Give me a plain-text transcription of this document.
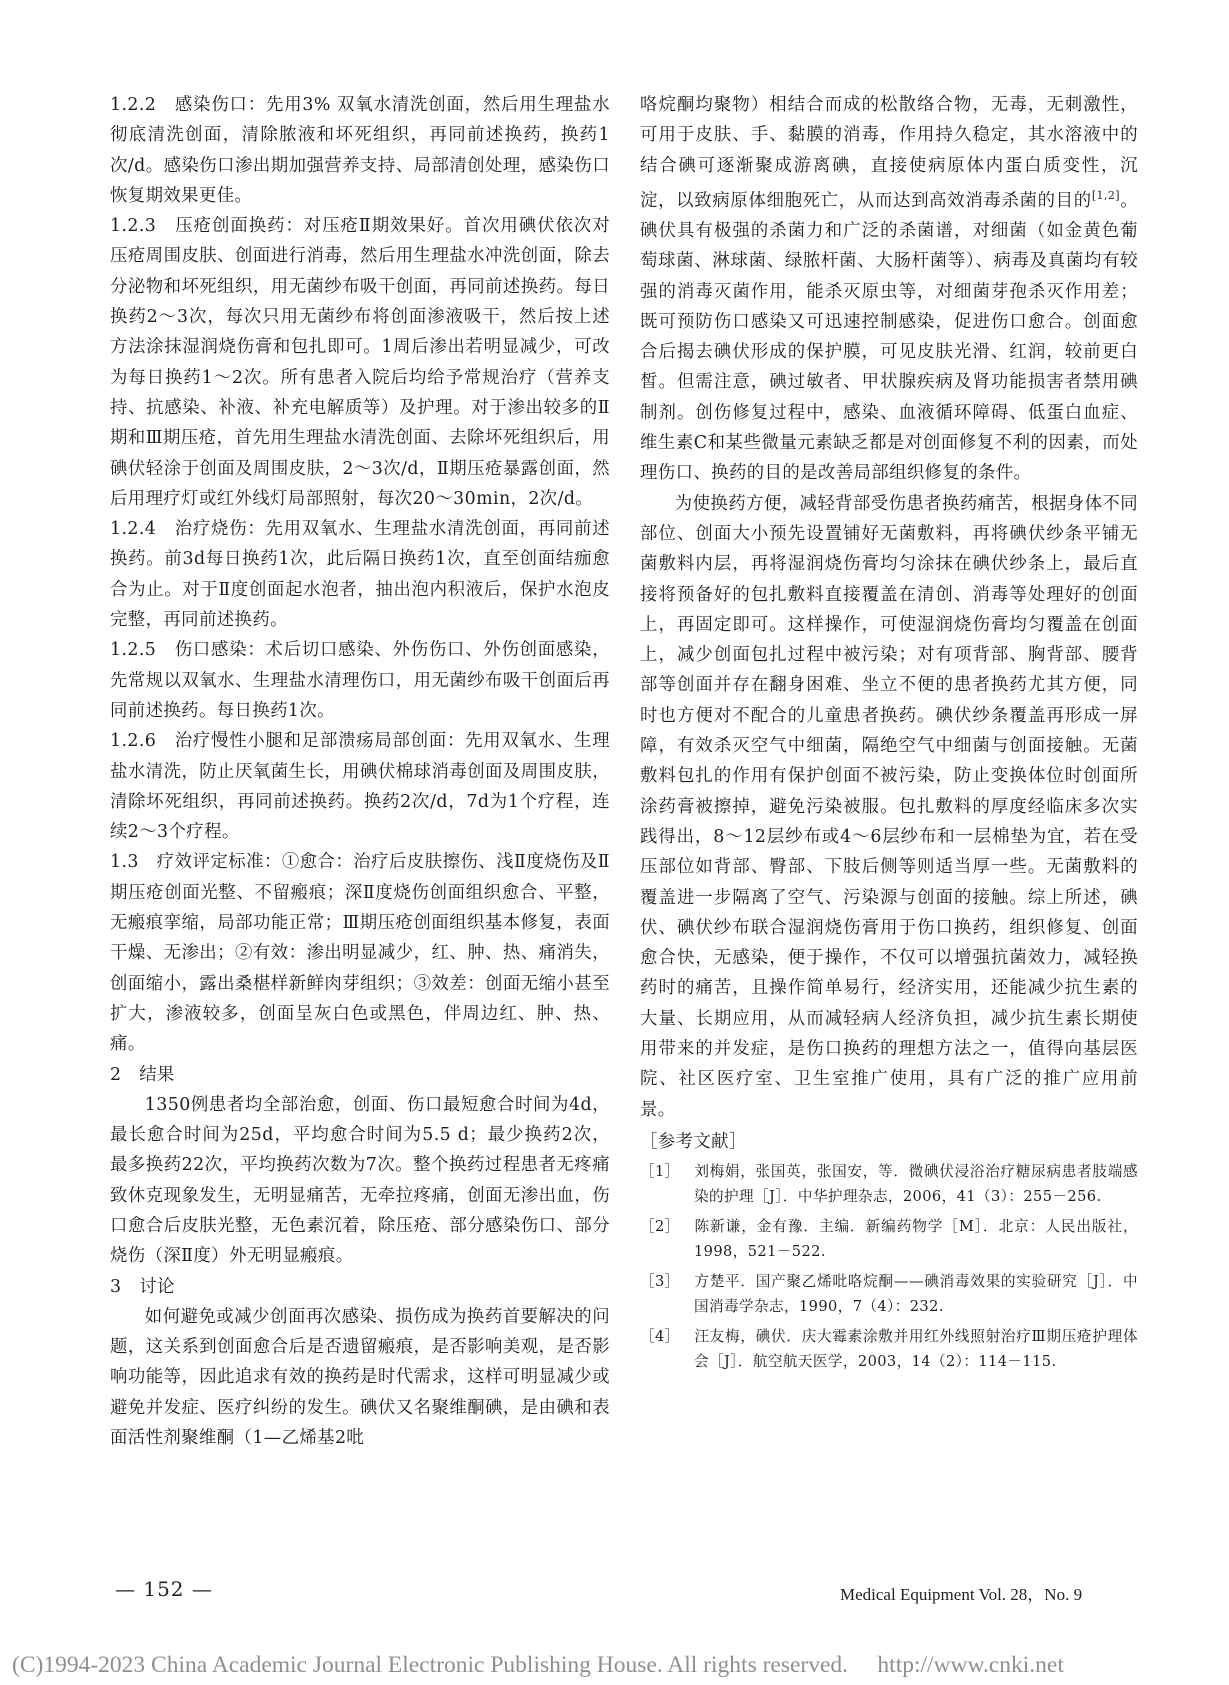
1.2.2　感染伤口：先用3% 双氧水清洗创面，然后用生理盐水彻底清洗创面，清除脓液和坏死组织，再同前述换药，换药1次/d。感染伤口渗出期加强营养支持、局部清创处理，感染伤口恢复期效果更佳。

1.2.3　压疮创面换药：对压疮Ⅱ期效果好。首次用碘伏依次对压疮周围皮肤、创面进行消毒，然后用生理盐水冲洗创面，除去分泌物和坏死组织，用无菌纱布吸干创面，再同前述换药。每日换药2～3次，每次只用无菌纱布将创面渗液吸干，然后按上述方法涂抹湿润烧伤膏和包扎即可。1周后渗出若明显减少，可改为每日换药1～2次。所有患者入院后均给予常规治疗（营养支持、抗感染、补液、补充电解质等）及护理。对于渗出较多的Ⅱ期和Ⅲ期压疮，首先用生理盐水清洗创面、去除坏死组织后，用碘伏轻涂于创面及周围皮肤，2～3次/d，Ⅱ期压疮暴露创面，然后用理疗灯或红外线灯局部照射，每次20～30min，2次/d。

1.2.4　治疗烧伤：先用双氧水、生理盐水清洗创面，再同前述换药。前3d每日换药1次，此后隔日换药1次，直至创面结痂愈合为止。对于Ⅱ度创面起水泡者，抽出泡内积液后，保护水泡皮完整，再同前述换药。

1.2.5　伤口感染：术后切口感染、外伤伤口、外伤创面感染，先常规以双氧水、生理盐水清理伤口，用无菌纱布吸干创面后再同前述换药。每日换药1次。

1.2.6　治疗慢性小腿和足部溃疡局部创面：先用双氧水、生理盐水清洗，防止厌氧菌生长，用碘伏棉球消毒创面及周围皮肤，清除坏死组织，再同前述换药。换药2次/d，7d为1个疗程，连续2～3个疗程。

1.3　疗效评定标准：①愈合：治疗后皮肤擦伤、浅Ⅱ度烧伤及Ⅱ期压疮创面光整、不留瘢痕；深Ⅱ度烧伤创面组织愈合、平整，无瘢痕挛缩，局部功能正常；Ⅲ期压疮创面组织基本修复，表面干燥、无渗出；②有效：渗出明显减少，红、肿、热、痛消失，创面缩小，露出桑椹样新鲜肉芽组织；③效差：创面无缩小甚至扩大，渗液较多，创面呈灰白色或黑色，伴周边红、肿、热、痛。

2　结果

1350例患者均全部治愈，创面、伤口最短愈合时间为4d，最长愈合时间为25d，平均愈合时间为5.5 d；最少换药2次，最多换药22次，平均换药次数为7次。整个换药过程患者无疼痛致休克现象发生，无明显痛苦，无牵拉疼痛，创面无渗出血，伤口愈合后皮肤光整，无色素沉着，除压疮、部分感染伤口、部分烧伤（深Ⅱ度）外无明显瘢痕。

3　讨论

如何避免或减少创面再次感染、损伤成为换药首要解决的问题，这关系到创面愈合后是否遗留瘢痕，是否影响美观，是否影响功能等，因此追求有效的换药是时代需求，这样可明显减少或避免并发症、医疗纠纷的发生。碘伏又名聚维酮碘，是由碘和表面活性剂聚维酮（1—乙烯基2吡

咯烷酮均聚物）相结合而成的松散络合物，无毒，无刺激性，可用于皮肤、手、黏膜的消毒，作用持久稳定，其水溶液中的结合碘可逐渐聚成游离碘，直接使病原体内蛋白质变性，沉淀，以致病原体细胞死亡，从而达到高效消毒杀菌的目的[1,2]。碘伏具有极强的杀菌力和广泛的杀菌谱，对细菌（如金黄色葡萄球菌、淋球菌、绿脓杆菌、大肠杆菌等）、病毒及真菌均有较强的消毒灭菌作用，能杀灭原虫等，对细菌芽孢杀灭作用差；既可预防伤口感染又可迅速控制感染，促进伤口愈合。创面愈合后揭去碘伏形成的保护膜，可见皮肤光滑、红润，较前更白皙。但需注意，碘过敏者、甲状腺疾病及肾功能损害者禁用碘制剂。创伤修复过程中，感染、血液循环障碍、低蛋白血症、维生素C和某些微量元素缺乏都是对创面修复不利的因素，而处理伤口、换药的目的是改善局部组织修复的条件。

为使换药方便，减轻背部受伤患者换药痛苦，根据身体不同部位、创面大小预先设置铺好无菌敷料，再将碘伏纱条平铺无菌敷料内层，再将湿润烧伤膏均匀涂抹在碘伏纱条上，最后直接将预备好的包扎敷料直接覆盖在清创、消毒等处理好的创面上，再固定即可。这样操作，可使湿润烧伤膏均匀覆盖在创面上，减少创面包扎过程中被污染；对有项背部、胸背部、腰背部等创面并存在翻身困难、坐立不便的患者换药尤其方便，同时也方便对不配合的儿童患者换药。碘伏纱条覆盖再形成一屏障，有效杀灭空气中细菌，隔绝空气中细菌与创面接触。无菌敷料包扎的作用有保护创面不被污染，防止变换体位时创面所涂药膏被擦掉，避免污染被服。包扎敷料的厚度经临床多次实践得出，8～12层纱布或4～6层纱布和一层棉垫为宜，若在受压部位如背部、臀部、下肢后侧等则适当厚一些。无菌敷料的覆盖进一步隔离了空气、污染源与创面的接触。综上所述，碘伏、碘伏纱布联合湿润烧伤膏用于伤口换药，组织修复、创面愈合快，无感染，便于操作，不仅可以增强抗菌效力，减轻换药时的痛苦，且操作简单易行，经济实用，还能减少抗生素的大量、长期应用，从而减轻病人经济负担，减少抗生素长期使用带来的并发症，是伤口换药的理想方法之一，值得向基层医院、社区医疗室、卫生室推广使用，具有广泛的推广应用前景。

［参考文献］
［1］ 刘梅娟，张国英，张国安，等．微碘伏浸浴治疗糖尿病患者肢端感染的护理［J］．中华护理杂志，2006，41（3）：255－256.
［2］ 陈新谦，金有豫．主编．新编药物学［M］．北京：人民出版社，1998，521－522.
［3］ 方楚平．国产聚乙烯吡咯烷酮——碘消毒效果的实验研究［J］．中国消毒学杂志，1990，7（4）：232.
［4］ 汪友梅，碘伏．庆大霉素涂敷并用红外线照射治疗Ⅲ期压疮护理体会［J］．航空航天医学，2003，14（2）：114－115.
— 152 —	Medical Equipment Vol. 28，No. 9
(C)1994-2023 China Academic Journal Electronic Publishing House. All rights reserved.　 http://www.cnki.net
